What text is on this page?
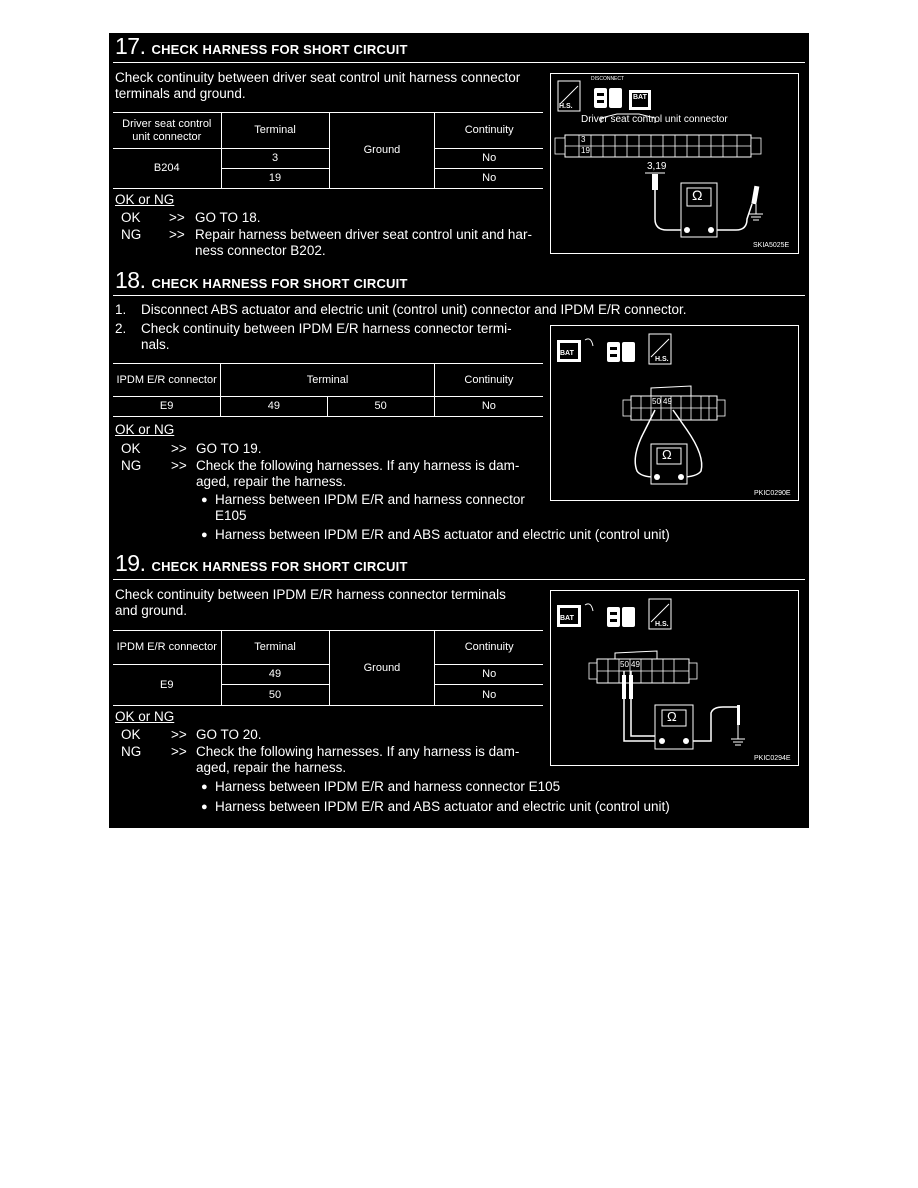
17. CHECK HARNESS FOR SHORT CIRCUIT
Check continuity between driver seat control unit harness connector
terminals and ground.
Driver seat control unit connector	Terminal	Ground	Continuity
B204	3		No
	19		No
OK or NG
OK >> GO TO 18.
NG >> Repair harness between driver seat control unit and har-
ness connector B202.
H.S.
DISCONNECT
BAT
Driver seat control unit connector
3
19
3,19
Ω
SKIA5025E
18. CHECK HARNESS FOR SHORT CIRCUIT
1. Disconnect ABS actuator and electric unit (control unit) connector and IPDM E/R connector.
2. Check continuity between IPDM E/R harness connector termi-
nals.
IPDM E/R connector	Terminal		Continuity
E9	49	50	No
OK or NG
OK >> GO TO 19.
NG >> Check the following harnesses. If any harness is dam-
aged, repair the harness.
● Harness between IPDM E/R and harness connector
E105
● Harness between IPDM E/R and ABS actuator and electric unit (control unit)
BAT
H.S.
50 49
Ω
PKIC0290E
19. CHECK HARNESS FOR SHORT CIRCUIT
Check continuity between IPDM E/R harness connector terminals
and ground.
IPDM E/R connector	Terminal	Ground	Continuity
E9	49		No
	50		No
OK or NG
OK >> GO TO 20.
NG >> Check the following harnesses. If any harness is dam-
aged, repair the harness.
● Harness between IPDM E/R and harness connector E105
● Harness between IPDM E/R and ABS actuator and electric unit (control unit)
BAT
H.S.
50 49
Ω
PKIC0294E
